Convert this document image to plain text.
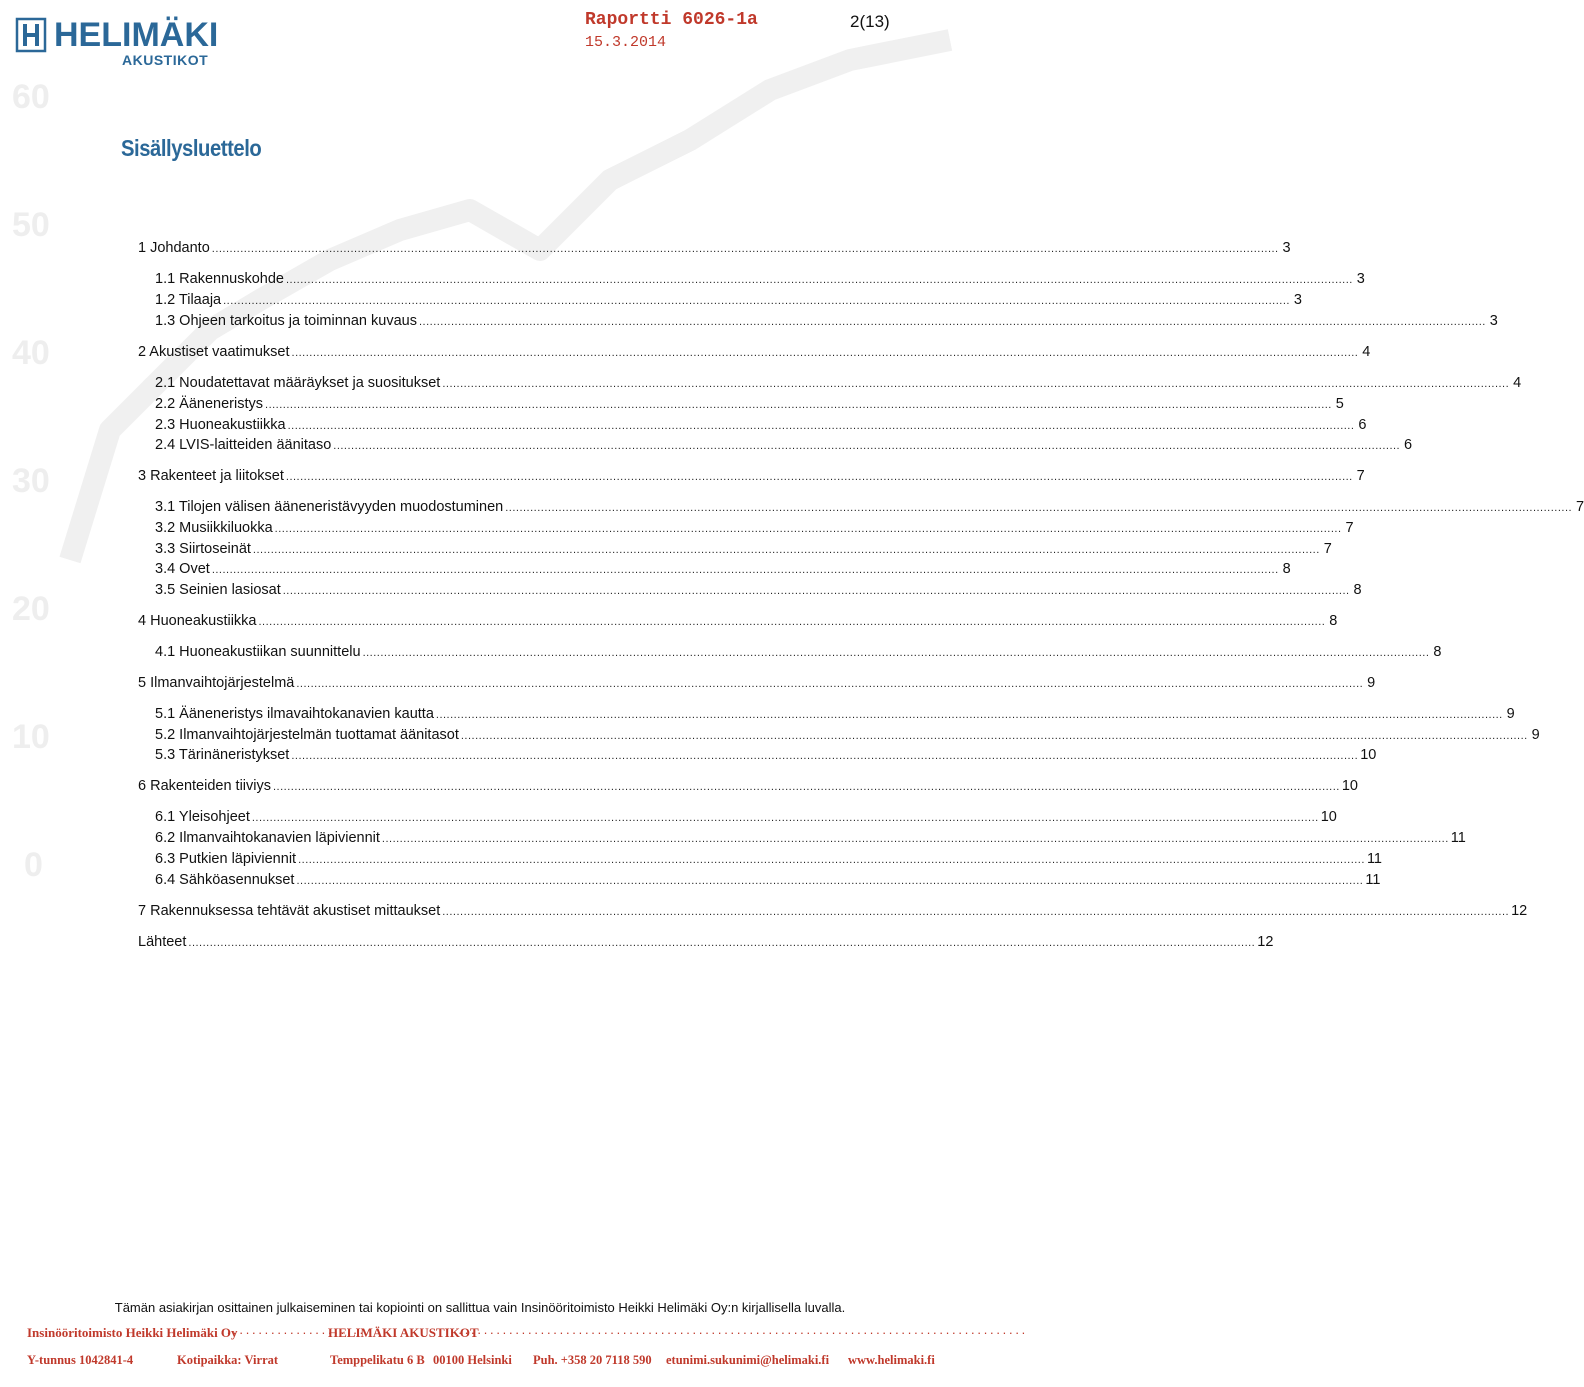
60
50
40
30
20
10
0
HELIMÄKI
AKUSTIKOT
Raportti 6026-1a	2(13)
15.3.2014
Sisällysluettelo
1 Johdanto ............................................................................................................................................................................................................................................................................................................ 3
1.1 Rakennuskohde ............................................................................................................................................................................................................................................................................................................ 3
1.2 Tilaaja ............................................................................................................................................................................................................................................................................................................ 3
1.3 Ohjeen tarkoitus ja toiminnan kuvaus ............................................................................................................................................................................................................................................................................................................ 3
2 Akustiset vaatimukset ............................................................................................................................................................................................................................................................................................................ 4
2.1 Noudatettavat määräykset ja suositukset ............................................................................................................................................................................................................................................................................................................ 4
2.2 Ääneneristys ............................................................................................................................................................................................................................................................................................................ 5
2.3 Huoneakustiikka ............................................................................................................................................................................................................................................................................................................ 6
2.4 LVIS-laitteiden äänitaso ............................................................................................................................................................................................................................................................................................................ 6
3 Rakenteet ja liitokset ............................................................................................................................................................................................................................................................................................................ 7
3.1 Tilojen välisen ääneneristävyyden muodostuminen ............................................................................................................................................................................................................................................................................................................ 7
3.2 Musiikkiluokka ............................................................................................................................................................................................................................................................................................................ 7
3.3 Siirtoseinät ............................................................................................................................................................................................................................................................................................................ 7
3.4 Ovet ............................................................................................................................................................................................................................................................................................................ 8
3.5 Seinien lasiosat ............................................................................................................................................................................................................................................................................................................ 8
4 Huoneakustiikka ............................................................................................................................................................................................................................................................................................................ 8
4.1 Huoneakustiikan suunnittelu ............................................................................................................................................................................................................................................................................................................ 8
5 Ilmanvaihtojärjestelmä ............................................................................................................................................................................................................................................................................................................ 9
5.1 Ääneneristys ilmavaihtokanavien kautta ............................................................................................................................................................................................................................................................................................................ 9
5.2 Ilmanvaihtojärjestelmän tuottamat äänitasot ............................................................................................................................................................................................................................................................................................................ 9
5.3 Tärinäneristykset ............................................................................................................................................................................................................................................................................................................ 10
6 Rakenteiden tiiviys ............................................................................................................................................................................................................................................................................................................ 10
6.1 Yleisohjeet ............................................................................................................................................................................................................................................................................................................ 10
6.2 Ilmanvaihtokanavien läpiviennit ............................................................................................................................................................................................................................................................................................................ 11
6.3 Putkien läpiviennit ............................................................................................................................................................................................................................................................................................................ 11
6.4 Sähköasennukset ............................................................................................................................................................................................................................................................................................................ 11
7 Rakennuksessa tehtävät akustiset mittaukset ............................................................................................................................................................................................................................................................................................................ 12
Lähteet ............................................................................................................................................................................................................................................................................................................ 12
Tämän asiakirjan osittainen julkaiseminen tai kopiointi on sallittua vain Insinööritoimisto Heikki Helimäki Oy:n kirjallisella luvalla.
Insinööritoimisto Heikki Helimäki Oy
·······················
HELIMÄKI AKUSTIKOT
··························································································
Y-tunnus 1042841-4	Kotipaikka: Virrat	Temppelikatu 6 B 00100 Helsinki Puh. +358 20 7118 590 etunimi.sukunimi@helimaki.fi www.helimaki.fi
